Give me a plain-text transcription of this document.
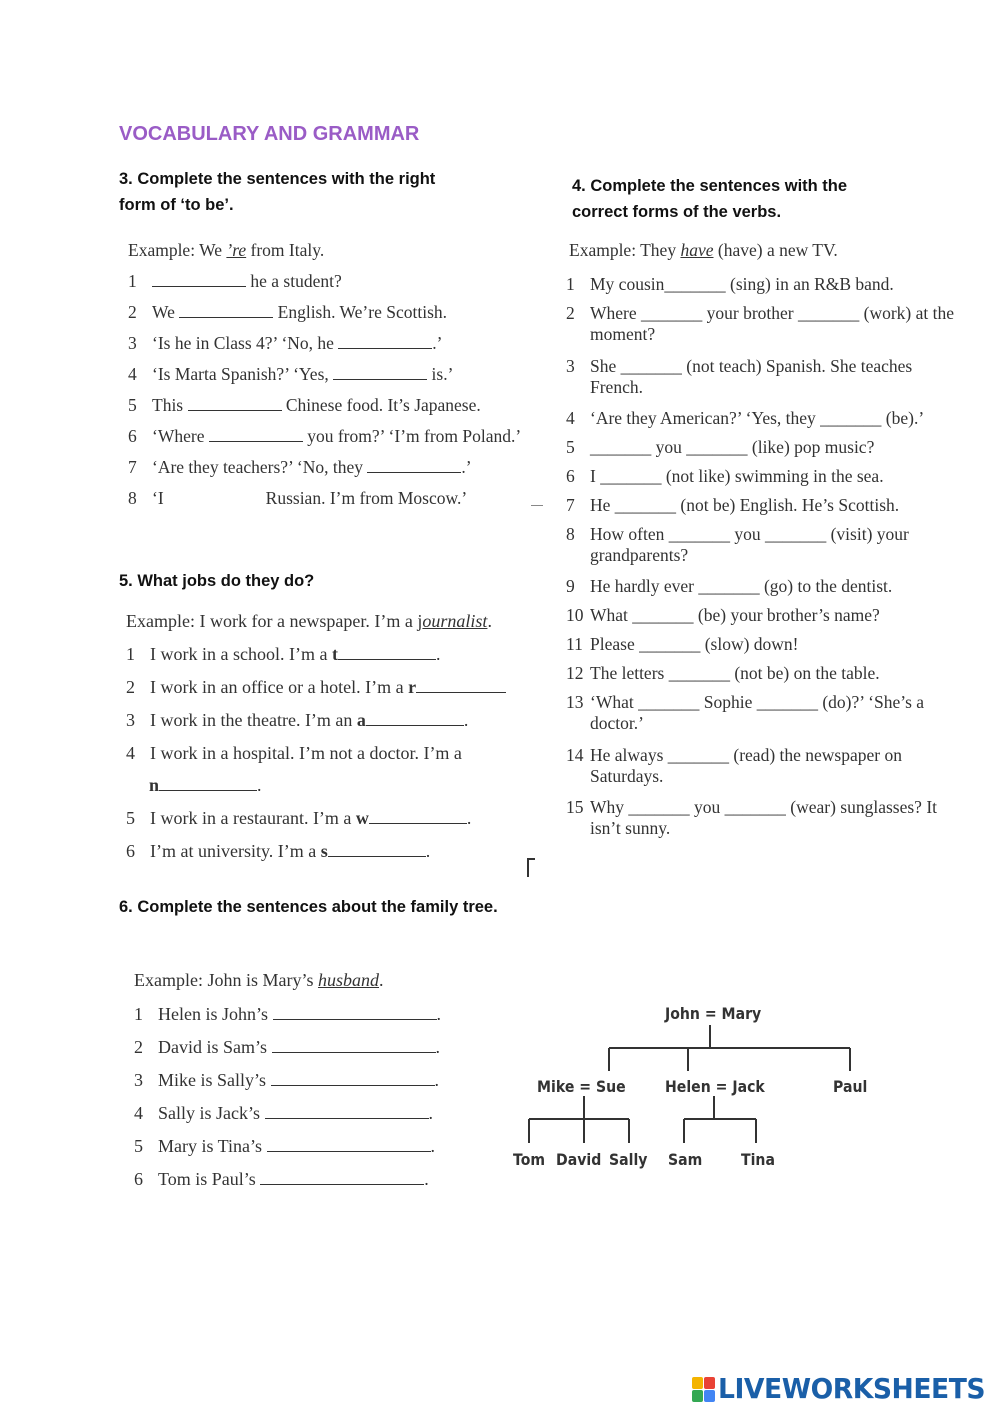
VOCABULARY AND GRAMMAR
3. Complete the sentences with the right
form of ‘to be’.
Example: We ’re from Italy.
1	he a student?
2 We	English. We’re Scottish.
3 ‘Is he in Class 4?’ ‘No, he	.’
4 ‘Is Marta Spanish?’ ‘Yes,	is.’
5 This	Chinese food. It’s Japanese.
6 ‘Where	you from?’ ‘I’m from Poland.’
7 ‘Are they teachers?’ ‘No, they	.’
8 ‘I	Russian. I’m from Moscow.’
4. Complete the sentences with the
correct forms of the verbs.
Example: They have (have) a new TV.
1 My cousin_______ (sing) in an R&B band.
2 Where _______ your brother _______ (work) at the
moment?
3 She _______ (not teach) Spanish. She teaches
French.
4 ‘Are they American?’ ‘Yes, they _______ (be).’
5 _______ you _______ (like) pop music?
6 I _______ (not like) swimming in the sea.
7 He _______ (not be) English. He’s Scottish.
8 How often _______ you _______ (visit) your
grandparents?
9 He hardly ever _______ (go) to the dentist.
10 What _______ (be) your brother’s name?
11 Please _______ (slow) down!
12 The letters _______ (not be) on the table.
13 ‘What _______ Sophie _______ (do)?’ ‘She’s a
doctor.’
14 He always _______ (read) the newspaper on
Saturdays.
15 Why _______ you _______ (wear) sunglasses? It
isn’t sunny.
5. What jobs do they do?
Example: I work for a newspaper. I’m a journalist.
1 I work in a school. I’m a t	.
2 I work in an office or a hotel. I’m a r
3 I work in the theatre. I’m an a	.
4 I work in a hospital. I’m not a doctor. I’m a
n	.
5 I work in a restaurant. I’m a w	.
6 I’m at university. I’m a s	.
6. Complete the sentences about the family tree.
Example: John is Mary’s husband.
1 Helen is John’s	.
2 David is Sam’s	.
3 Mike is Sally’s	.
4 Sally is Jack’s	.
5 Mary is Tina’s	.
6 Tom is Paul’s	.
John = Mary
Mike = Sue Helen = Jack	Paul
Tom David Sally Sam Tina
LIVEWORKSHEETS
